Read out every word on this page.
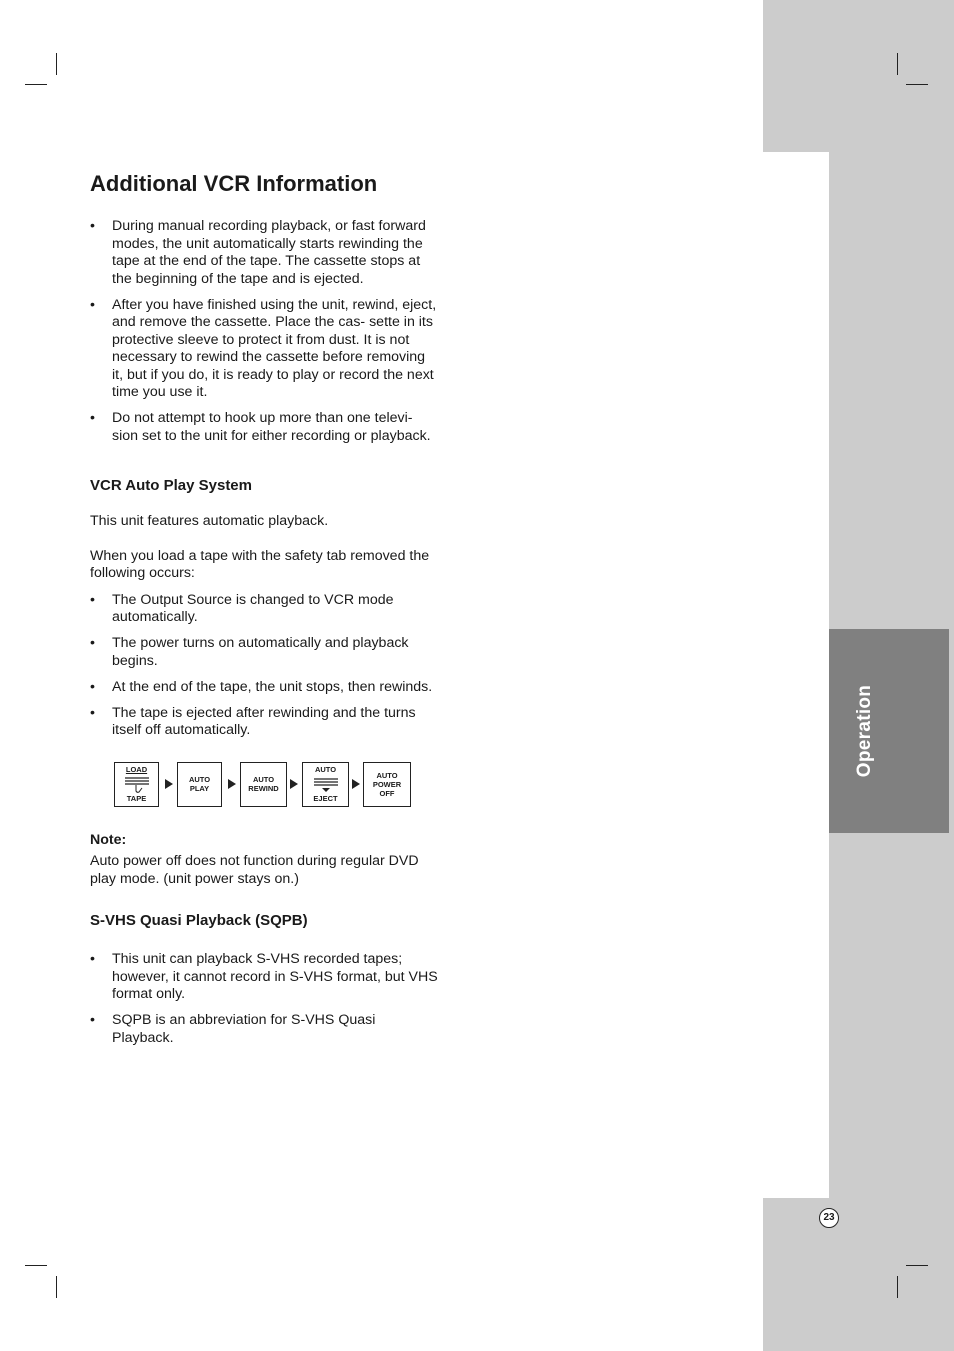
Operation
23
Additional VCR Information
• During manual recording playback, or fast forward modes, the unit automatically starts rewinding the tape at the end of the tape. The cassette stops at the beginning of the tape and is ejected.
• After you have finished using the unit, rewind, eject, and remove the cassette. Place the cas- sette in its protective sleeve to protect it from dust. It is not necessary to rewind the cassette before removing it, but if you do, it is ready to play or record the next time you use it.
• Do not attempt to hook up more than one televi- sion set to the unit for either recording or playback.
VCR Auto Play System

This unit features automatic playback.

When you load a tape with the safety tab removed the following occurs:

• The Output Source is changed to VCR mode automatically.
• The power turns on automatically and playback begins.
• At the end of the tape, the unit stops, then rewinds.
• The tape is ejected after rewinding and the turns itself off automatically.
LOAD
TAPE
AUTO PLAY
AUTO REWIND
AUTO
EJECT
AUTO POWER OFF

Note:

Auto power off does not function during regular DVD play mode. (unit power stays on.)

S-VHS Quasi Playback (SQPB)
• This unit can playback S-VHS recorded tapes; however, it cannot record in S-VHS format, but VHS format only.
• SQPB is an abbreviation for S-VHS Quasi Playback.
